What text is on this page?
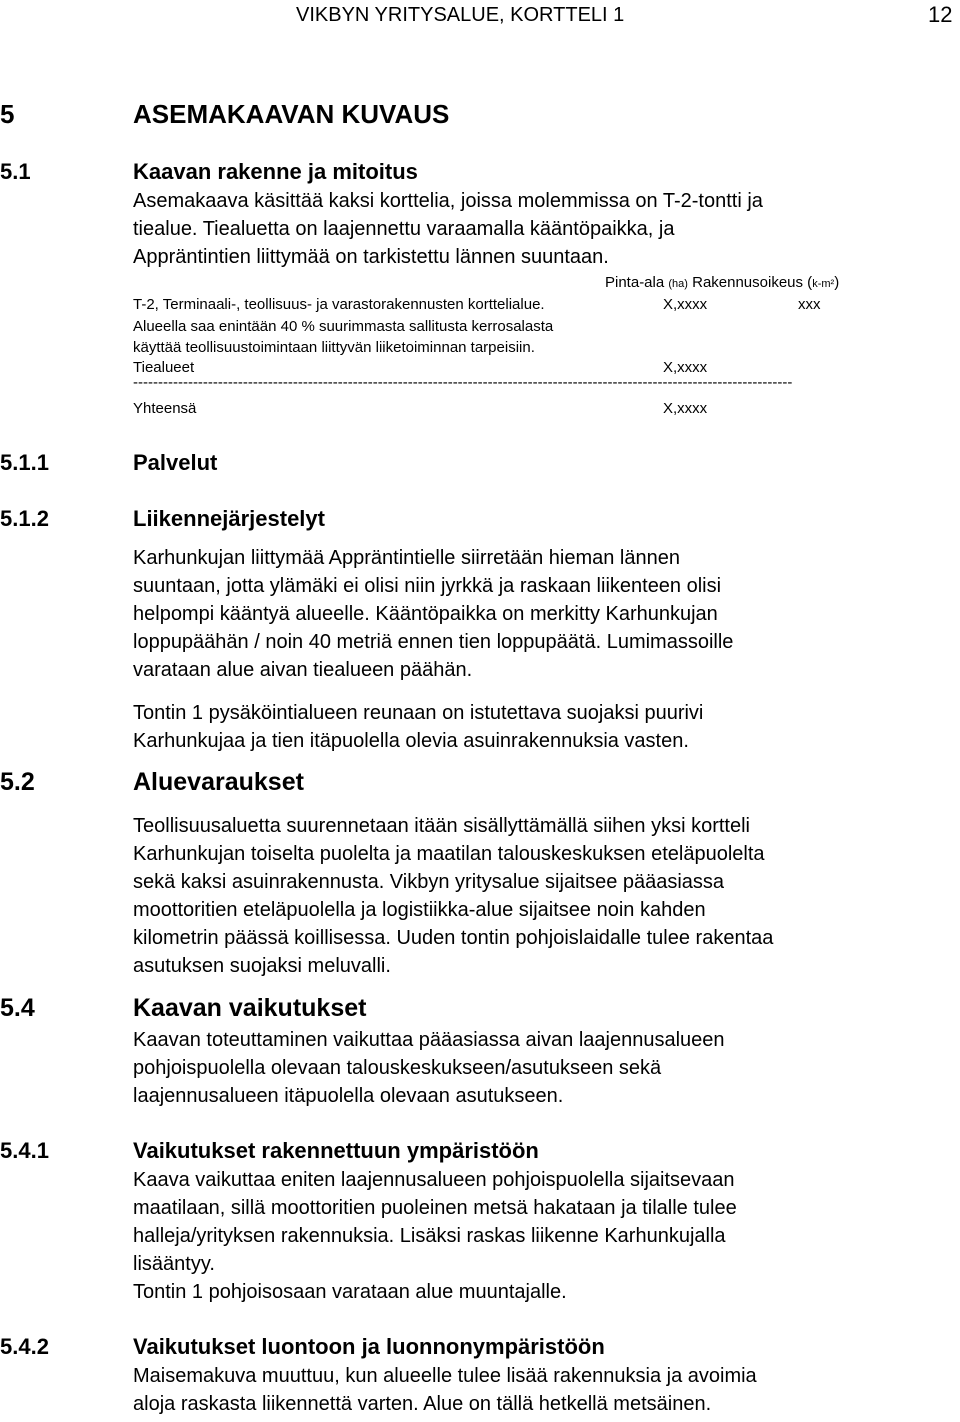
VIKBYN YRITYSALUE, KORTTELI 1	12
5	ASEMAKAAVAN KUVAUS
5.1	Kaavan rakenne ja mitoitus

Asemakaava käsittää kaksi korttelia, joissa molemmissa on T-2-tontti ja

tiealue. Tiealuetta on laajennettu varaamalla kääntöpaikka, ja

Appräntintien liittymää on tarkistettu lännen suuntaan.

Pinta-ala (ha) Rakennusoikeus (k-m²)
T-2, Terminaali-, teollisuus- ja varastorakennusten korttelialue.	X,xxxx	xxx
Alueella saa enintään 40 % suurimmasta sallitusta kerrosalasta
käyttää teollisuustoimintaan liittyvän liiketoiminnan tarpeisiin.
Tiealueet	X,xxxx
------------------------------------------------------------------------------------------------------------------------------------
Yhteensä	X,xxxx
5.1.1	Palvelut
5.1.2	Liikennejärjestelyt

Karhunkujan liittymää Appräntintielle siirretään hieman lännen

suuntaan, jotta ylämäki ei olisi niin jyrkkä ja raskaan liikenteen olisi

helpompi kääntyä alueelle. Kääntöpaikka on merkitty Karhunkujan

loppupäähän / noin 40 metriä ennen tien loppupäätä. Lumimassoille

varataan alue aivan tiealueen päähän.

Tontin 1 pysäköintialueen reunaan on istutettava suojaksi puurivi

Karhunkujaa ja tien itäpuolella olevia asuinrakennuksia vasten.

5.2	Aluevaraukset

Teollisuusaluetta suurennetaan itään sisällyttämällä siihen yksi kortteli

Karhunkujan toiselta puolelta ja maatilan talouskeskuksen eteläpuolelta

sekä kaksi asuinrakennusta. Vikbyn yritysalue sijaitsee pääasiassa

moottoritien eteläpuolella ja logistiikka-alue sijaitsee noin kahden

kilometrin päässä koillisessa. Uuden tontin pohjoislaidalle tulee rakentaa

asutuksen suojaksi meluvalli.

5.4	Kaavan vaikutukset

Kaavan toteuttaminen vaikuttaa pääasiassa aivan laajennusalueen

pohjoispuolella olevaan talouskeskukseen/asutukseen sekä

laajennusalueen itäpuolella olevaan asutukseen.

5.4.1	Vaikutukset rakennettuun ympäristöön

Kaava vaikuttaa eniten laajennusalueen pohjoispuolella sijaitsevaan

maatilaan, sillä moottoritien puoleinen metsä hakataan ja tilalle tulee

halleja/yrityksen rakennuksia. Lisäksi raskas liikenne Karhunkujalla

lisääntyy.

Tontin 1 pohjoisosaan varataan alue muuntajalle.

5.4.2	Vaikutukset luontoon ja luonnonympäristöön

Maisemakuva muuttuu, kun alueelle tulee lisää rakennuksia ja avoimia

aloja raskasta liikennettä varten. Alue on tällä hetkellä metsäinen.
